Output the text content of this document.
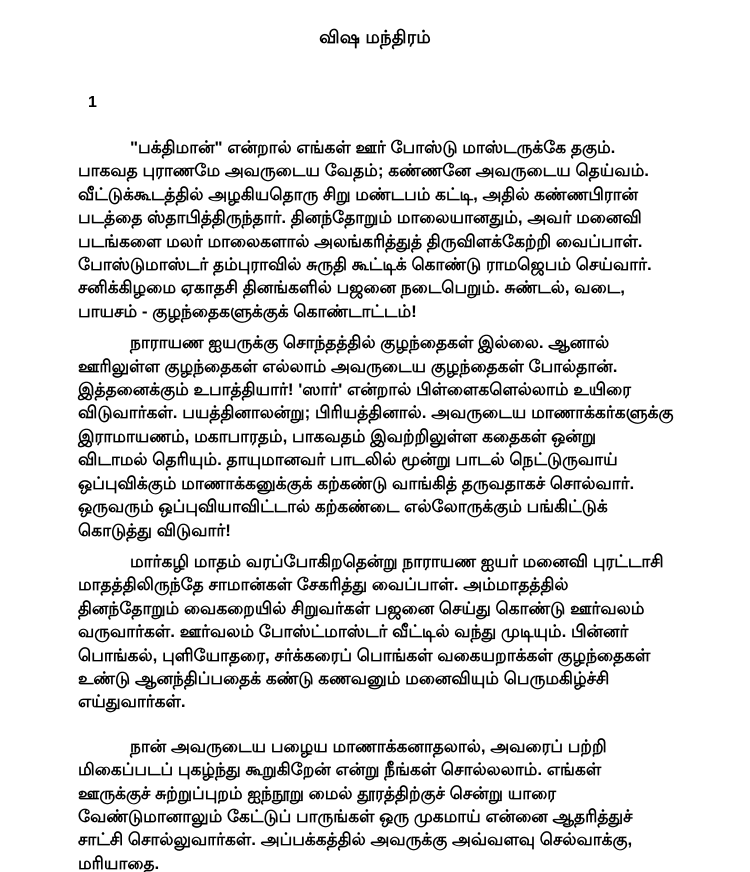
விஷ மந்திரம்
1
"பக்திமான்" என்றால் எங்கள் ஊர் போஸ்டு மாஸ்டருக்கே தகும்.
பாகவத புராணமே அவருடைய வேதம்; கண்ணனே அவருடைய தெய்வம்.
வீட்டுக்கூடத்தில் அழகியதொரு சிறு மண்டபம் கட்டி, அதில் கண்ணபிரான்
படத்தை ஸ்தாபித்திருந்தார். தினந்தோறும் மாலையானதும், அவர் மனைவி
படங்களை மலர் மாலைகளால் அலங்கரித்துத் திருவிளக்கேற்றி வைப்பாள்.
போஸ்டுமாஸ்டர் தம்புராவில் சுருதி கூட்டிக் கொண்டு ராமஜெபம் செய்வார்.
சனிக்கிழமை ஏகாதசி தினங்களில் பஜனை நடைபெறும். சுண்டல், வடை,
பாயசம் - குழந்தைகளுக்குக் கொண்டாட்டம்!
நாராயண ஐயருக்கு சொந்தத்தில் குழந்தைகள் இல்லை. ஆனால்
ஊரிலுள்ள குழந்தைகள் எல்லாம் அவருடைய குழந்தைகள் போல்தான்.
இத்தனைக்கும் உபாத்தியார்! 'ஸார்' என்றால் பிள்ளைகளெல்லாம் உயிரை
விடுவார்கள். பயத்தினாலன்று; பிரியத்தினால். அவருடைய மாணாக்கர்களுக்கு
இராமாயணம், மகாபாரதம், பாகவதம் இவற்றிலுள்ள கதைகள் ஒன்று
விடாமல் தெரியும். தாயுமானவர் பாடலில் மூன்று பாடல் நெட்டுருவாய்
ஒப்புவிக்கும் மாணாக்கனுக்குக் கற்கண்டு வாங்கித் தருவதாகச் சொல்வார்.
ஒருவரும் ஒப்புவியாவிட்டால் கற்கண்டை எல்லோருக்கும் பங்கிட்டுக்
கொடுத்து விடுவார்!
மார்கழி மாதம் வரப்போகிறதென்று நாராயண ஐயர் மனைவி புரட்டாசி
மாதத்திலிருந்தே சாமான்கள் சேகரித்து வைப்பாள். அம்மாதத்தில்
தினந்தோறும் வைகறையில் சிறுவர்கள் பஜனை செய்து கொண்டு ஊர்வலம்
வருவார்கள். ஊர்வலம் போஸ்ட்மாஸ்டர் வீட்டில் வந்து முடியும். பின்னர்
பொங்கல், புளியோதரை, சர்க்கரைப் பொங்கள் வகையறாக்கள் குழந்தைகள்
உண்டு ஆனந்திப்பதைக் கண்டு கணவனும் மனைவியும் பெருமகிழ்ச்சி
எய்துவார்கள்.
நான் அவருடைய பழைய மாணாக்கனாதலால், அவரைப் பற்றி
மிகைப்படப் புகழ்ந்து கூறுகிறேன் என்று நீங்கள் சொல்லலாம். எங்கள்
ஊருக்குச் சுற்றுப்புறம் ஐந்நூறு மைல் தூரத்திற்குச் சென்று யாரை
வேண்டுமானாலும் கேட்டுப் பாருங்கள் ஒரு முகமாய் என்னை ஆதரித்துச்
சாட்சி சொல்லுவார்கள். அப்பக்கத்தில் அவருக்கு அவ்வளவு செல்வாக்கு,
மரியாதை.
